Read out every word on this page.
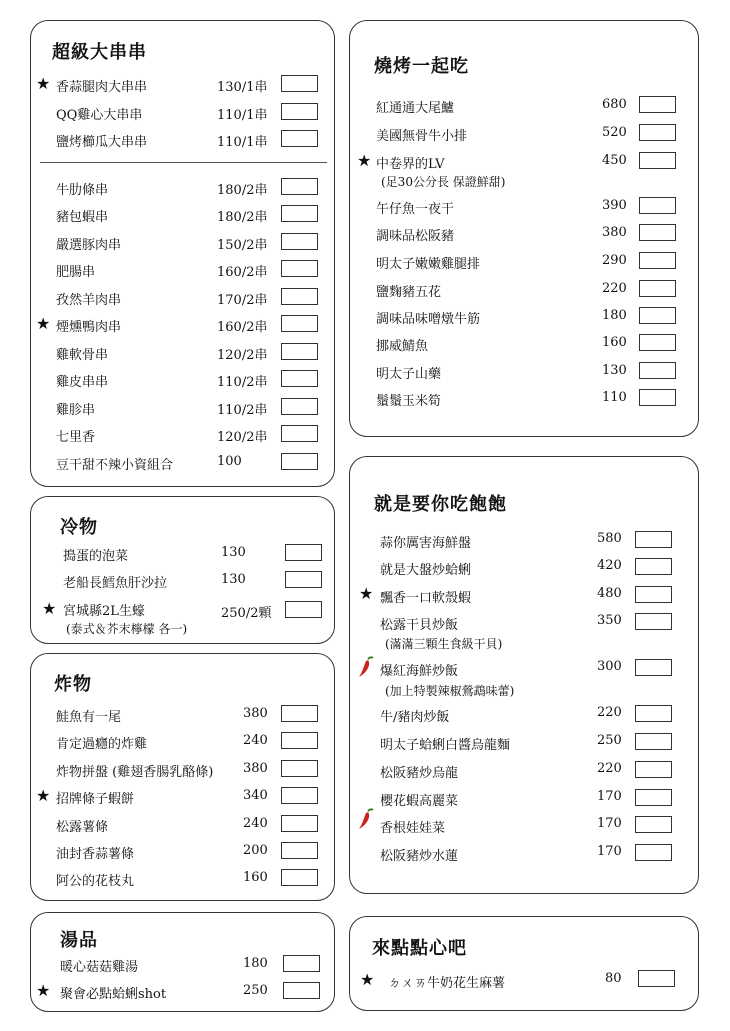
超級大串串
★ 香蒜腿肉大串串	130/1串
QQ雞心大串串	110/1串
鹽烤櫛瓜大串串	110/1串
牛肋條串	180/2串
豬包蝦串	180/2串
嚴選豚肉串	150/2串
肥腸串	160/2串
孜然羊肉串	170/2串
★ 煙燻鴨肉串	160/2串
雞軟骨串	120/2串
雞皮串串	110/2串
雞胗串	110/2串
七里香	120/2串
豆干甜不辣小資組合	100
冷物
搗蛋的泡菜	130
老船長鱈魚肝沙拉	130
★ 宮城縣2L生蠔	250/2顆
(泰式＆芥末檸檬 各一)
炸物
鮭魚有一尾	380
肯定過癮的炸雞	240
炸物拼盤 (雞翅香腸乳酪條) 380
★ 招牌條子蝦餅	340
松露薯條	240
油封香蒜薯條	200
阿公的花枝丸	160
湯品
暖心菇菇雞湯	180
★ 聚會必點蛤蜊shot	250
燒烤一起吃
紅通通大尾鱸	680
美國無骨牛小排	520
★ 中卷界的LV	450
(足30公分長 保證鮮甜)
午仔魚一夜干	390
調味品松阪豬	380
明太子嫩嫩雞腿排	290
鹽麴豬五花	220
調味品味噌燉牛筋	180
挪威鯖魚	160
明太子山藥	130
鬚鬚玉米筍	110
就是要你吃飽飽
蒜你厲害海鮮盤	580
就是大盤炒蛤蜊	420
★ 飄香一口軟殼蝦	480
松露干貝炒飯	350
(滿滿三顆生食級干貝)
爆紅海鮮炒飯	300
(加上特製辣椒鶯鵡味蕾)
牛/豬肉炒飯	220
明太子蛤蜊白醬烏龍麵	250
松阪豬炒烏龍	220
櫻花蝦高麗菜	170
香根娃娃菜	170
松阪豬炒水蓮	170
來點點心吧
★ ㄉㄨㄞ牛奶花生麻薯	80
